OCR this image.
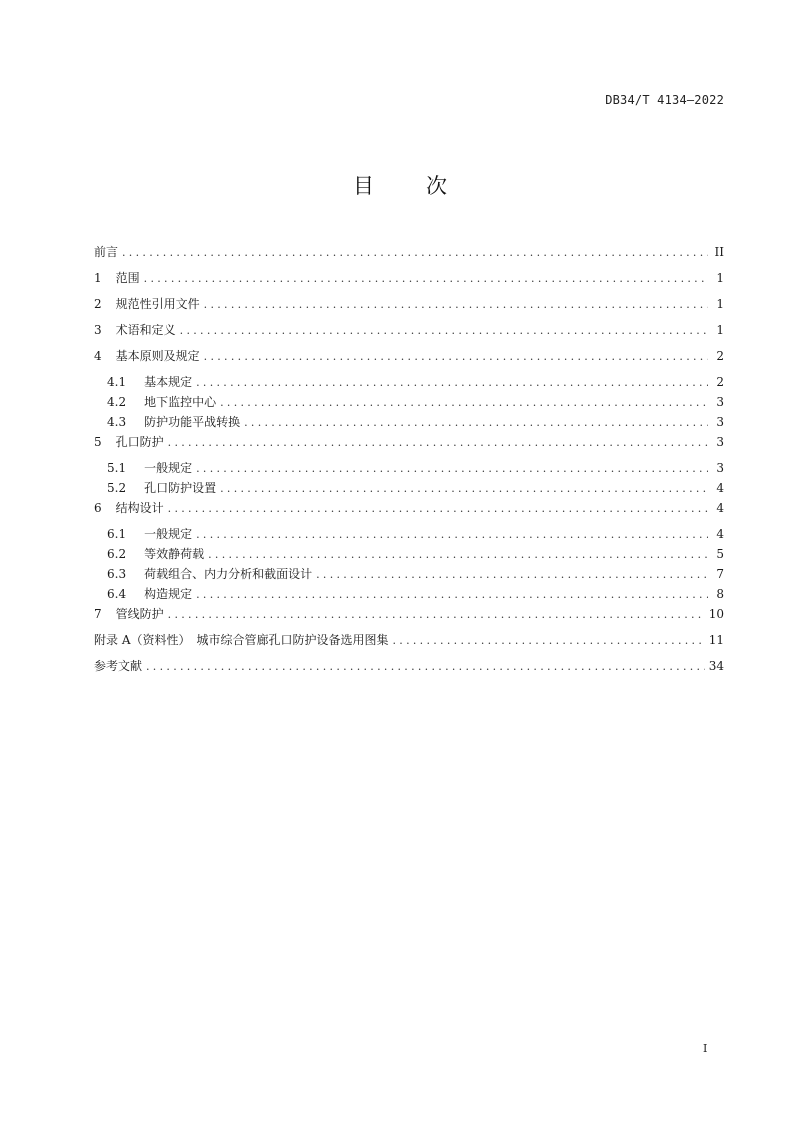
DB34/T 4134—2022
目 次
前言 .....	II
1 范围 .....	1
2 规范性引用文件 .....	1
3 术语和定义 .....	1
4 基本原则及规定 .....	2
4.1 基本规定 .....	2
4.2 地下监控中心 .....	3
4.3 防护功能平战转换 .....	3
5 孔口防护 .....	3
5.1 一般规定 .....	3
5.2 孔口防护设置 .....	4
6 结构设计 .....	4
6.1 一般规定 .....	4
6.2 等效静荷载 .....	5
6.3 荷载组合、内力分析和截面设计 .....	7
6.4 构造规定 .....	8
7 管线防护 .....	10
附录 A（资料性）　城市综合管廊孔口防护设备选用图集 .....	11
参考文献 .....	34
I
